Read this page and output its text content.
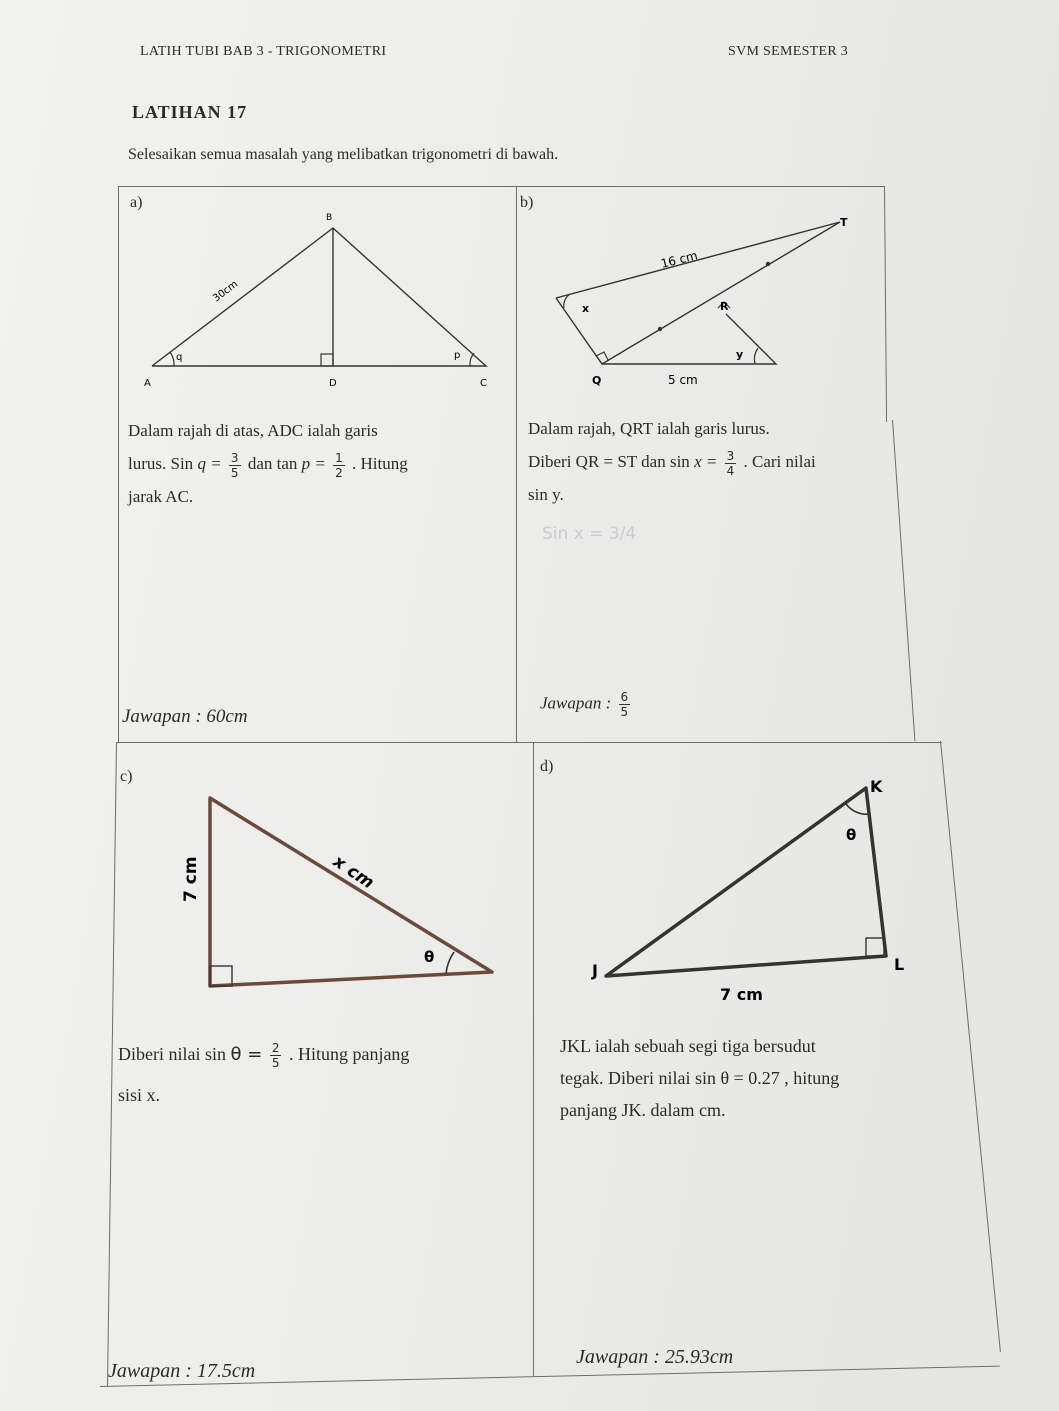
LATIH TUBI BAB 3 - TRIGONOMETRI	SVM SEMESTER 3
LATIHAN 17
Selesaikan semua masalah yang melibatkan trigonometri di bawah.
a)
B
A	D	C
30cm
q	p
Dalam rajah di atas, ADC ialah garis
lurus. Sin $q = \frac{3}{5}$ dan $\tan p = \frac{1}{2}$ . Hitung
jarak AC.
Jawapan : 60cm
b)
T
Q
R
x
y
16 cm
5 cm
Dalam rajah, QRT ialah garis lurus.
Diberi QR = ST dan $\sin x = \frac{3}{4}$ . Cari nilai
sin y.
Sin x = 3/4
Jawapan : $\frac{6}{5}$
c)
x cm
7 cm
θ
Diberi nilai $\sin \theta = \frac{2}{5}$ . Hitung panjang
sisi x.
Jawapan : 17.5cm
d)
K
J	L
θ
7 cm
JKL ialah sebuah segi tiga bersudut
tegak. Diberi nilai sin θ = 0.27 , hitung
panjang JK. dalam cm.
Jawapan : 25.93cm
